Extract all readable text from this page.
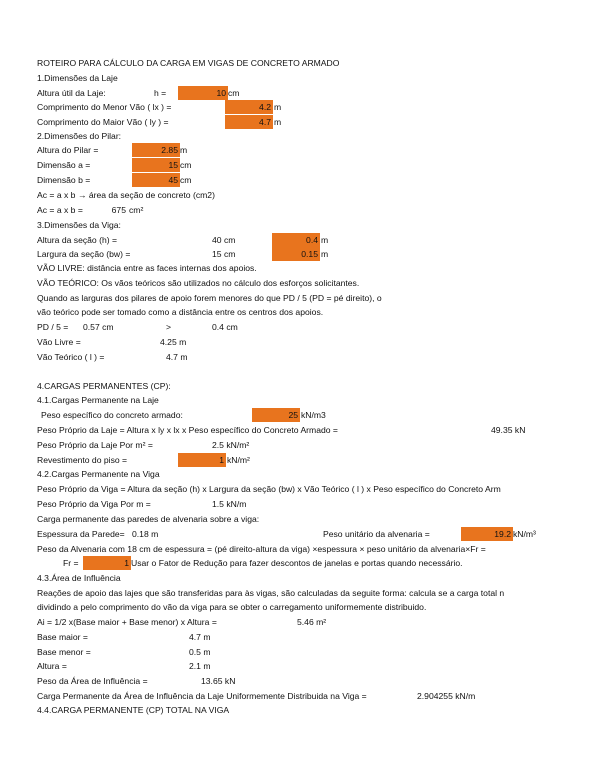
ROTEIRO PARA CÁLCULO DA CARGA EM VIGAS DE CONCRETO ARMADO
1.Dimensões da Laje
Altura útil da Laje:	h =	10 cm
Comprimento do Menor Vão ( lx ) =	4.2 m
Comprimento do Maior Vão ( ly ) =	4.7 m
2.Dimensões do Pilar:
Altura do Pilar =	2.85 m
Dimensão a =	15 cm
Dimensão b =	45 cm
Ac = a x b → área da seção de concreto (cm2)
Ac = a x b =	675 cm²
3.Dimensões da Viga:
Altura da seção (h) =	40 cm	0.4 m
Largura da seção (bw) =	15 cm	0.15 m
VÃO LIVRE: distância entre as faces internas dos apoios.
VÃO TEÓRICO: Os vãos teóricos são utilizados no cálculo dos esforços solicitantes.
Quando as larguras dos pilares de apoio forem menores do que PD / 5 (PD = pé direito), o
vão teórico pode ser tomado como a distância entre os centros dos apoios.
PD / 5 = 0.57 cm	>	0.4 cm
Vão Livre =	4.25 m
Vão Teórico ( l ) =	4.7 m
4.CARGAS PERMANENTES (CP):
4.1.Cargas Permanente na Laje
Peso específico do concreto armado:	25 kN/m3
Peso Próprio da Laje = Altura x ly x lx x Peso específico do Concreto Armado =	49.35 kN
Peso Próprio da Laje Por m² =	2.5 kN/m²
Revestimento do piso =	1 kN/m²
4.2.Cargas Permanente na Viga
Peso Próprio da Viga = Altura da seção (h) x Largura da seção (bw) x Vão Teórico ( l ) x Peso específico do Concreto Arm
Peso Próprio da Viga Por m =	1.5 kN/m
Carga permanente das paredes de alvenaria sobre a viga:
Espessura da Parede= 0.18 m	Peso unitário da alvenaria =	19.2 kN/m³
Peso da Alvenaria com 18 cm de espessura = (pé direito-altura da viga) ×espessura × peso unitário da alvenaria×Fr =
Fr =	1 Usar o Fator de Redução para fazer descontos de janelas e portas quando necessário.
4.3.Área de Influência
Reações de apoio das lajes que são transferidas para às vigas, são calculadas da seguite forma: calcula se a carga total n
dividindo a pelo comprimento do vão da viga para se obter o carregamento uniformemente distribuido.
Ai = 1/2 x(Base maior + Base menor) x Altura =	5.46 m²
Base maior =	4.7 m
Base menor =	0.5 m
Altura =	2.1 m
Peso da Área de Influência =	13.65 kN
Carga Permanente da Área de Influência da Laje Uniformemente Distribuida na Viga =	2.904255 kN/m
4.4.CARGA PERMANENTE (CP) TOTAL NA VIGA
